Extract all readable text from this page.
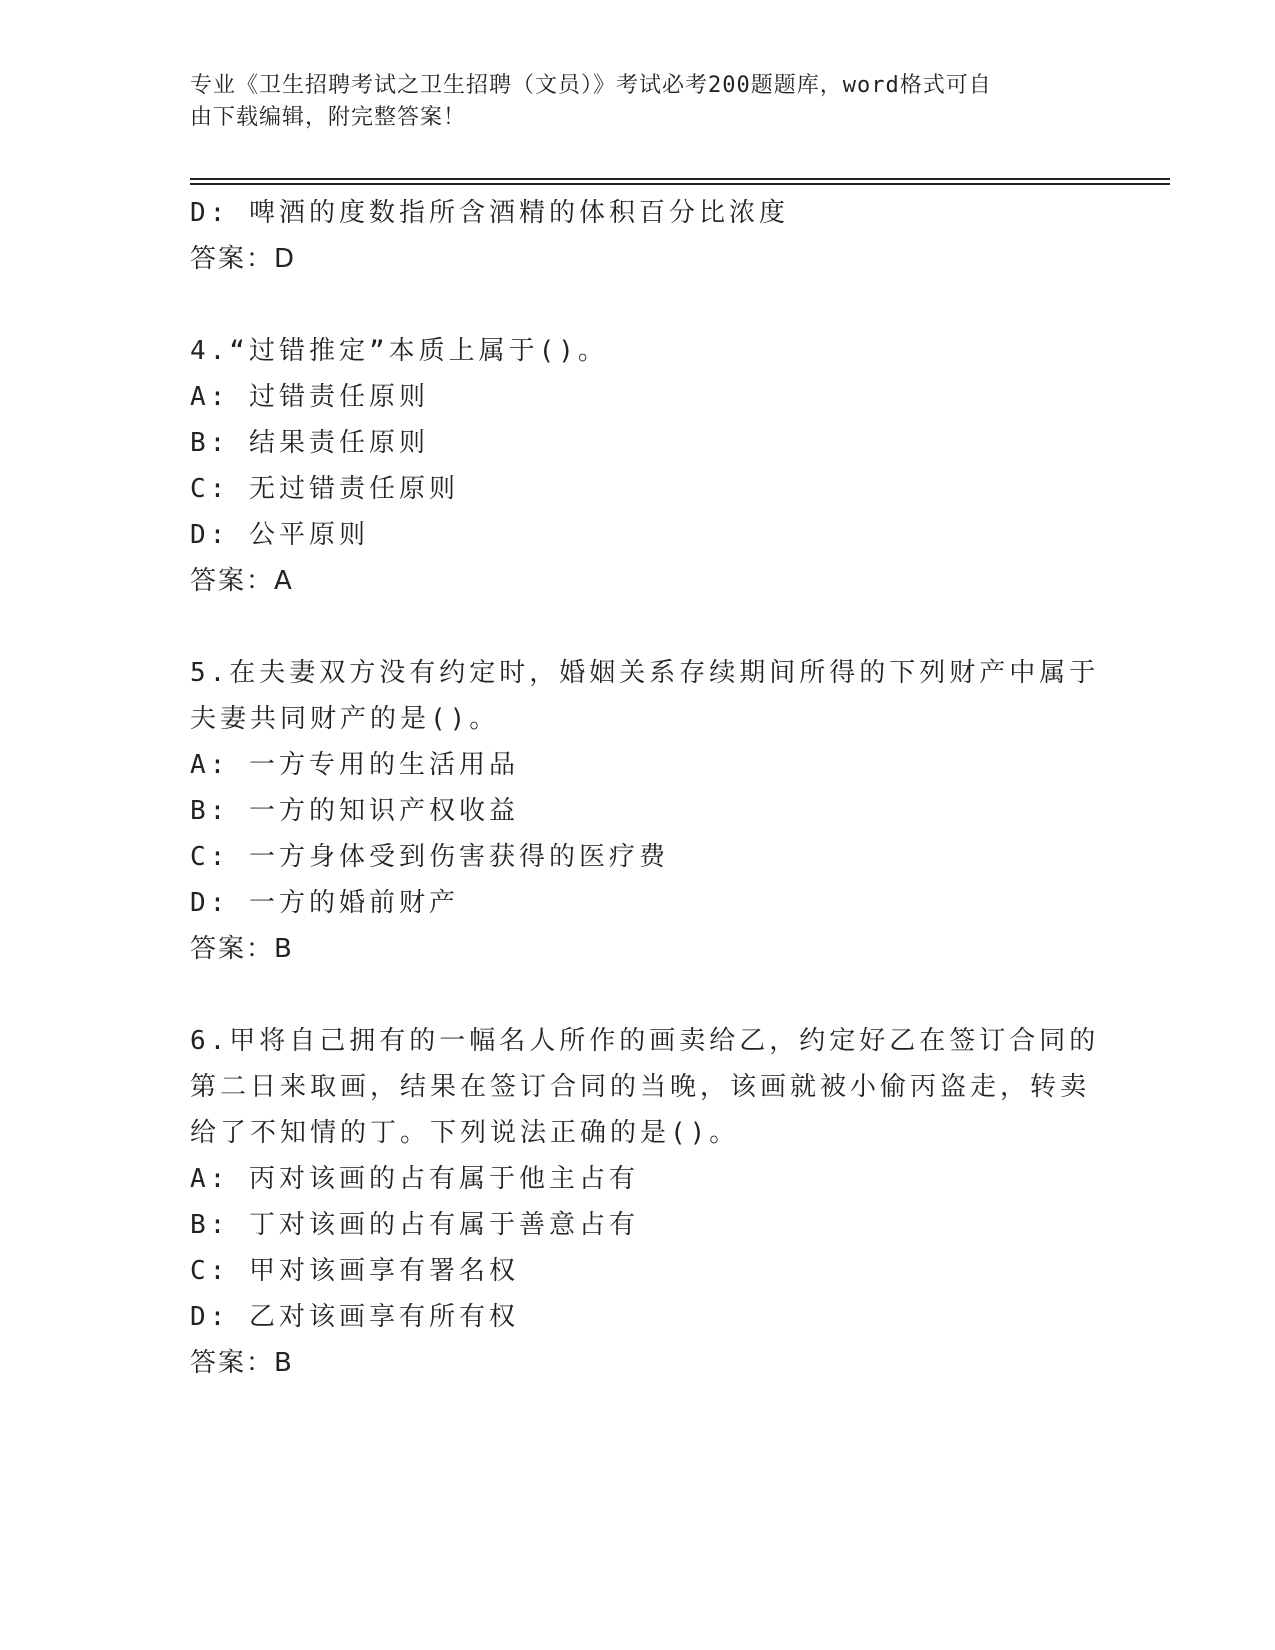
专业《卫生招聘考试之卫生招聘（文员）》考试必考200题题库，word格式可自
由下载编辑，附完整答案！
D: 啤酒的度数指所含酒精的体积百分比浓度
答案：D
4.“过错推定”本质上属于()。
A: 过错责任原则
B: 结果责任原则
C: 无过错责任原则
D: 公平原则
答案：A
5.在夫妻双方没有约定时，婚姻关系存续期间所得的下列财产中属于
夫妻共同财产的是()。
A: 一方专用的生活用品
B: 一方的知识产权收益
C: 一方身体受到伤害获得的医疗费
D: 一方的婚前财产
答案：B
6.甲将自己拥有的一幅名人所作的画卖给乙，约定好乙在签订合同的
第二日来取画，结果在签订合同的当晚，该画就被小偷丙盗走，转卖
给了不知情的丁。下列说法正确的是()。
A: 丙对该画的占有属于他主占有
B: 丁对该画的占有属于善意占有
C: 甲对该画享有署名权
D: 乙对该画享有所有权
答案：B
